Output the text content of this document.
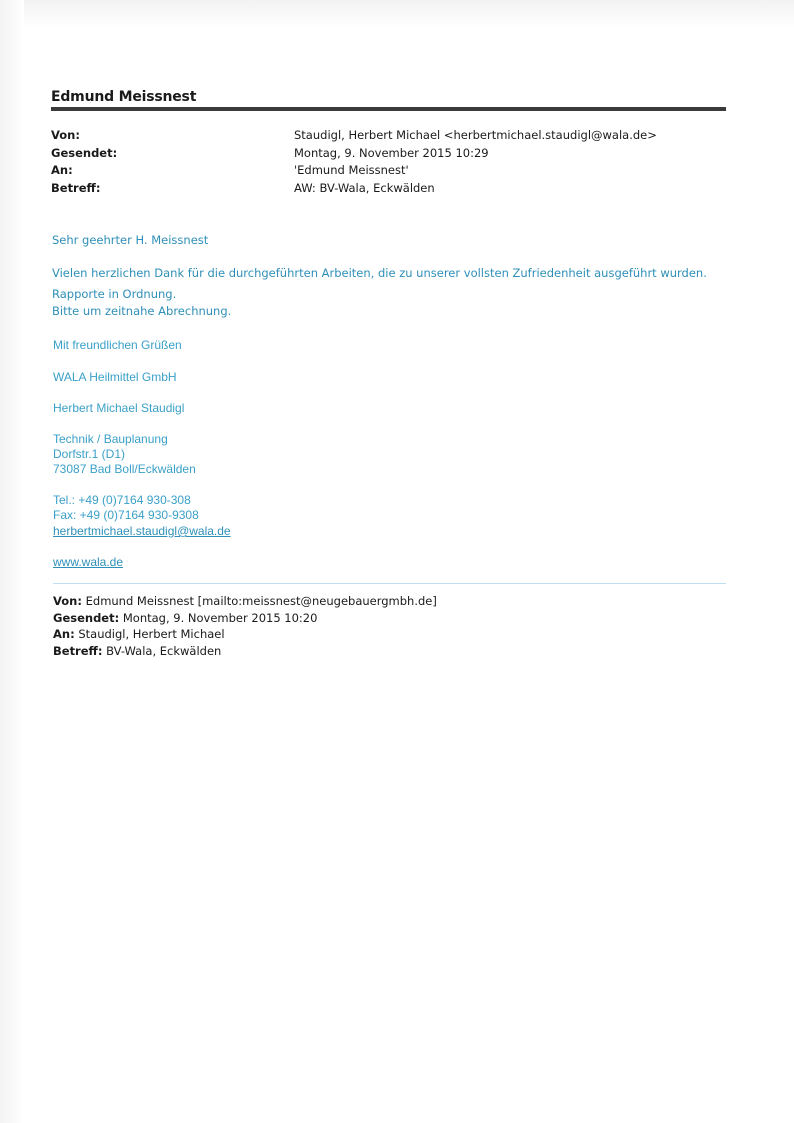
Edmund Meissnest
Von:	Staudigl, Herbert Michael <herbertmichael.staudigl@wala.de>
Gesendet:	Montag, 9. November 2015 10:29
An:	'Edmund Meissnest'
Betreff:	AW: BV-Wala, Eckwälden
Sehr geehrter H. Meissnest
Vielen herzlichen Dank für die durchgeführten Arbeiten, die zu unserer vollsten Zufriedenheit ausgeführt wurden.
Rapporte in Ordnung.
Bitte um zeitnahe Abrechnung.
Mit freundlichen Grüßen
WALA Heilmittel GmbH
Herbert Michael Staudigl
Technik / Bauplanung
Dorfstr.1 (D1)
73087 Bad Boll/Eckwälden
Tel.: +49 (0)7164 930-308
Fax: +49 (0)7164 930-9308
herbertmichael.staudigl@wala.de
www.wala.de
Von: Edmund Meissnest [mailto:meissnest@neugebauergmbh.de]
Gesendet: Montag, 9. November 2015 10:20
An: Staudigl, Herbert Michael
Betreff: BV-Wala, Eckwälden
